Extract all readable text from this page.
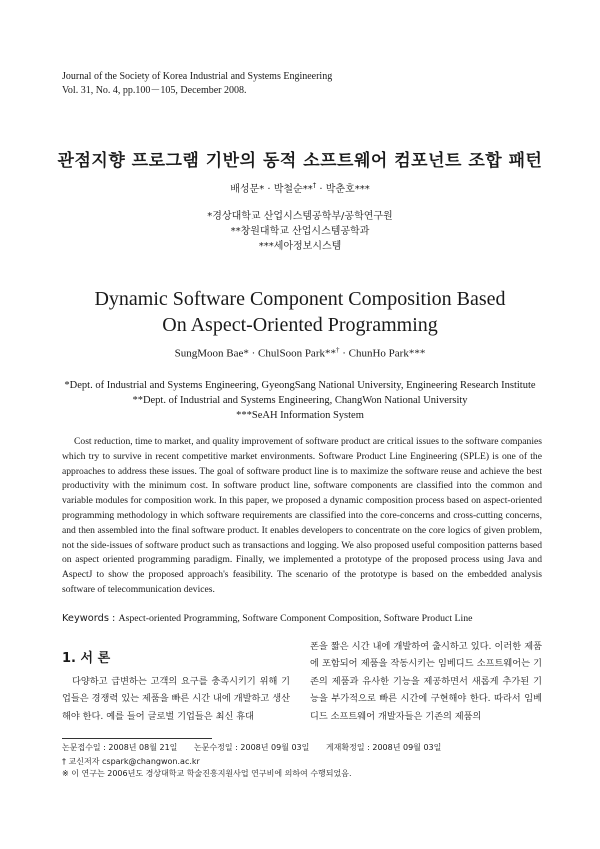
Journal of the Society of Korea Industrial and Systems Engineering
Vol. 31, No. 4, pp.100－105, December 2008.
관점지향 프로그램 기반의 동적 소프트웨어 컴포넌트 조합 패턴
배성문* · 박철순**† · 박춘호***
*경상대학교 산업시스템공학부/공학연구원
**창원대학교 산업시스템공학과
***세아정보시스템
Dynamic Software Component Composition Based
On Aspect-Oriented Programming
SungMoon Bae* · ChulSoon Park**† · ChunHo Park***
*Dept. of Industrial and Systems Engineering, GyeongSang National University, Engineering Research Institute
**Dept. of Industrial and Systems Engineering, ChangWon National University
***SeAH Information System

Cost reduction, time to market, and quality improvement of software product are critical issues to the software companies which try to survive in recent competitive market environments. Software Product Line Engineering (SPLE) is one of the approaches to address these issues. The goal of software product line is to maximize the software reuse and achieve the best productivity with the minimum cost. In software product line, software components are classified into the common and variable modules for composition work. In this paper, we proposed a dynamic composition process based on aspect-oriented programming methodology in which software requirements are classified into the core-concerns and cross-cutting concerns, and then assembled into the final software product. It enables developers to concentrate on the core logics of given problem, not the side-issues of software product such as transactions and logging. We also proposed useful composition patterns based on aspect oriented programming paradigm. Finally, we implemented a prototype of the proposed process using Java and AspectJ to show the proposed approach's feasibility. The scenario of the prototype is based on the embedded analysis software of telecommunication devices.

Keywords : Aspect-oriented Programming, Software Component Composition, Software Product Line
1. 서 론

다양하고 급변하는 고객의 요구를 충족시키기 위해 기업들은 경쟁력 있는 제품을 빠른 시간 내에 개발하고 생산해야 한다. 예를 들어 글로벌 기업들은 최신 휴대

폰을 짧은 시간 내에 개발하여 출시하고 있다. 이러한 제품에 포함되어 제품을 작동시키는 임베디드 소프트웨어는 기존의 제품과 유사한 기능을 제공하면서 새롭게 추가된 기능을 부가적으로 빠른 시간에 구현해야 한다. 따라서 임베디드 소프트웨어 개발자들은 기존의 제품의

논문접수일 : 2008년 08월 21일 논문수정일 : 2008년 09월 03일 게재확정일 : 2008년 09월 03일
† 교신저자 cspark@changwon.ac.kr
※ 이 연구는 2006년도 경상대학교 학술진흥지원사업 연구비에 의하여 수행되었음.
